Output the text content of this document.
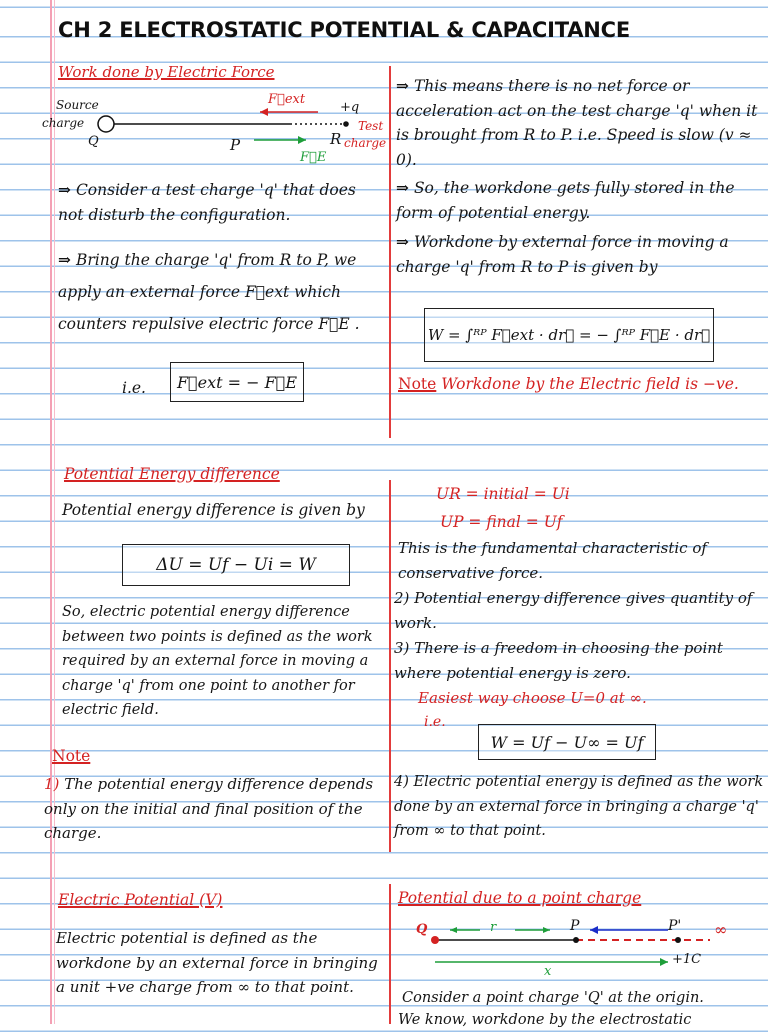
CH 2 ELECTROSTATIC POTENTIAL & CAPACITANCE
Work done by Electric Force
Source
charge
Q
F⃗ext
+q
Test
charge
P	R
F⃗E
⇒ Consider a test charge 'q' that does not disturb the configuration.
⇒ Bring the charge 'q' from R to P, we apply an external force F⃗ext which counters repulsive electric force F⃗E .
i.e.	F⃗ext = − F⃗E
⇒ This means there is no net force or acceleration act on the test charge 'q' when it is brought from R to P. i.e. Speed is slow (v ≈ 0).
⇒ So, the workdone gets fully stored in the form of potential energy.
⇒ Workdone by external force in moving a charge 'q' from R to P is given by
W = ∫ᴿᴾ F⃗ext · dr⃗ = − ∫ᴿᴾ F⃗E · dr⃗
Note Workdone by the Electric field is −ve.
Potential Energy difference
Potential energy difference is given by
ΔU = Uf − Ui = W
So, electric potential energy difference between two points is defined as the work required by an external force in moving a charge 'q' from one point to another for electric field.
Note
1) The potential energy difference depends only on the initial and final position of the charge.
UR = initial = Ui
UP = final = Uf
This is the fundamental characteristic of conservative force.
2) Potential energy difference gives quantity of work.
3) There is a freedom in choosing the point where potential energy is zero.
Easiest way choose U=0 at ∞.
i.e.
W = Uf − U∞ = Uf
4) Electric potential energy is defined as the work done by an external force in bringing a charge 'q' from ∞ to that point.
Electric Potential (V)
Electric potential is defined as the workdone by an external force in bringing a unit +ve charge from ∞ to that point.
Potential due to a point charge
Q	r	P	P' ∞
x
+1C
Consider a point charge 'Q' at the origin.
We know, workdone by the electrostatic
